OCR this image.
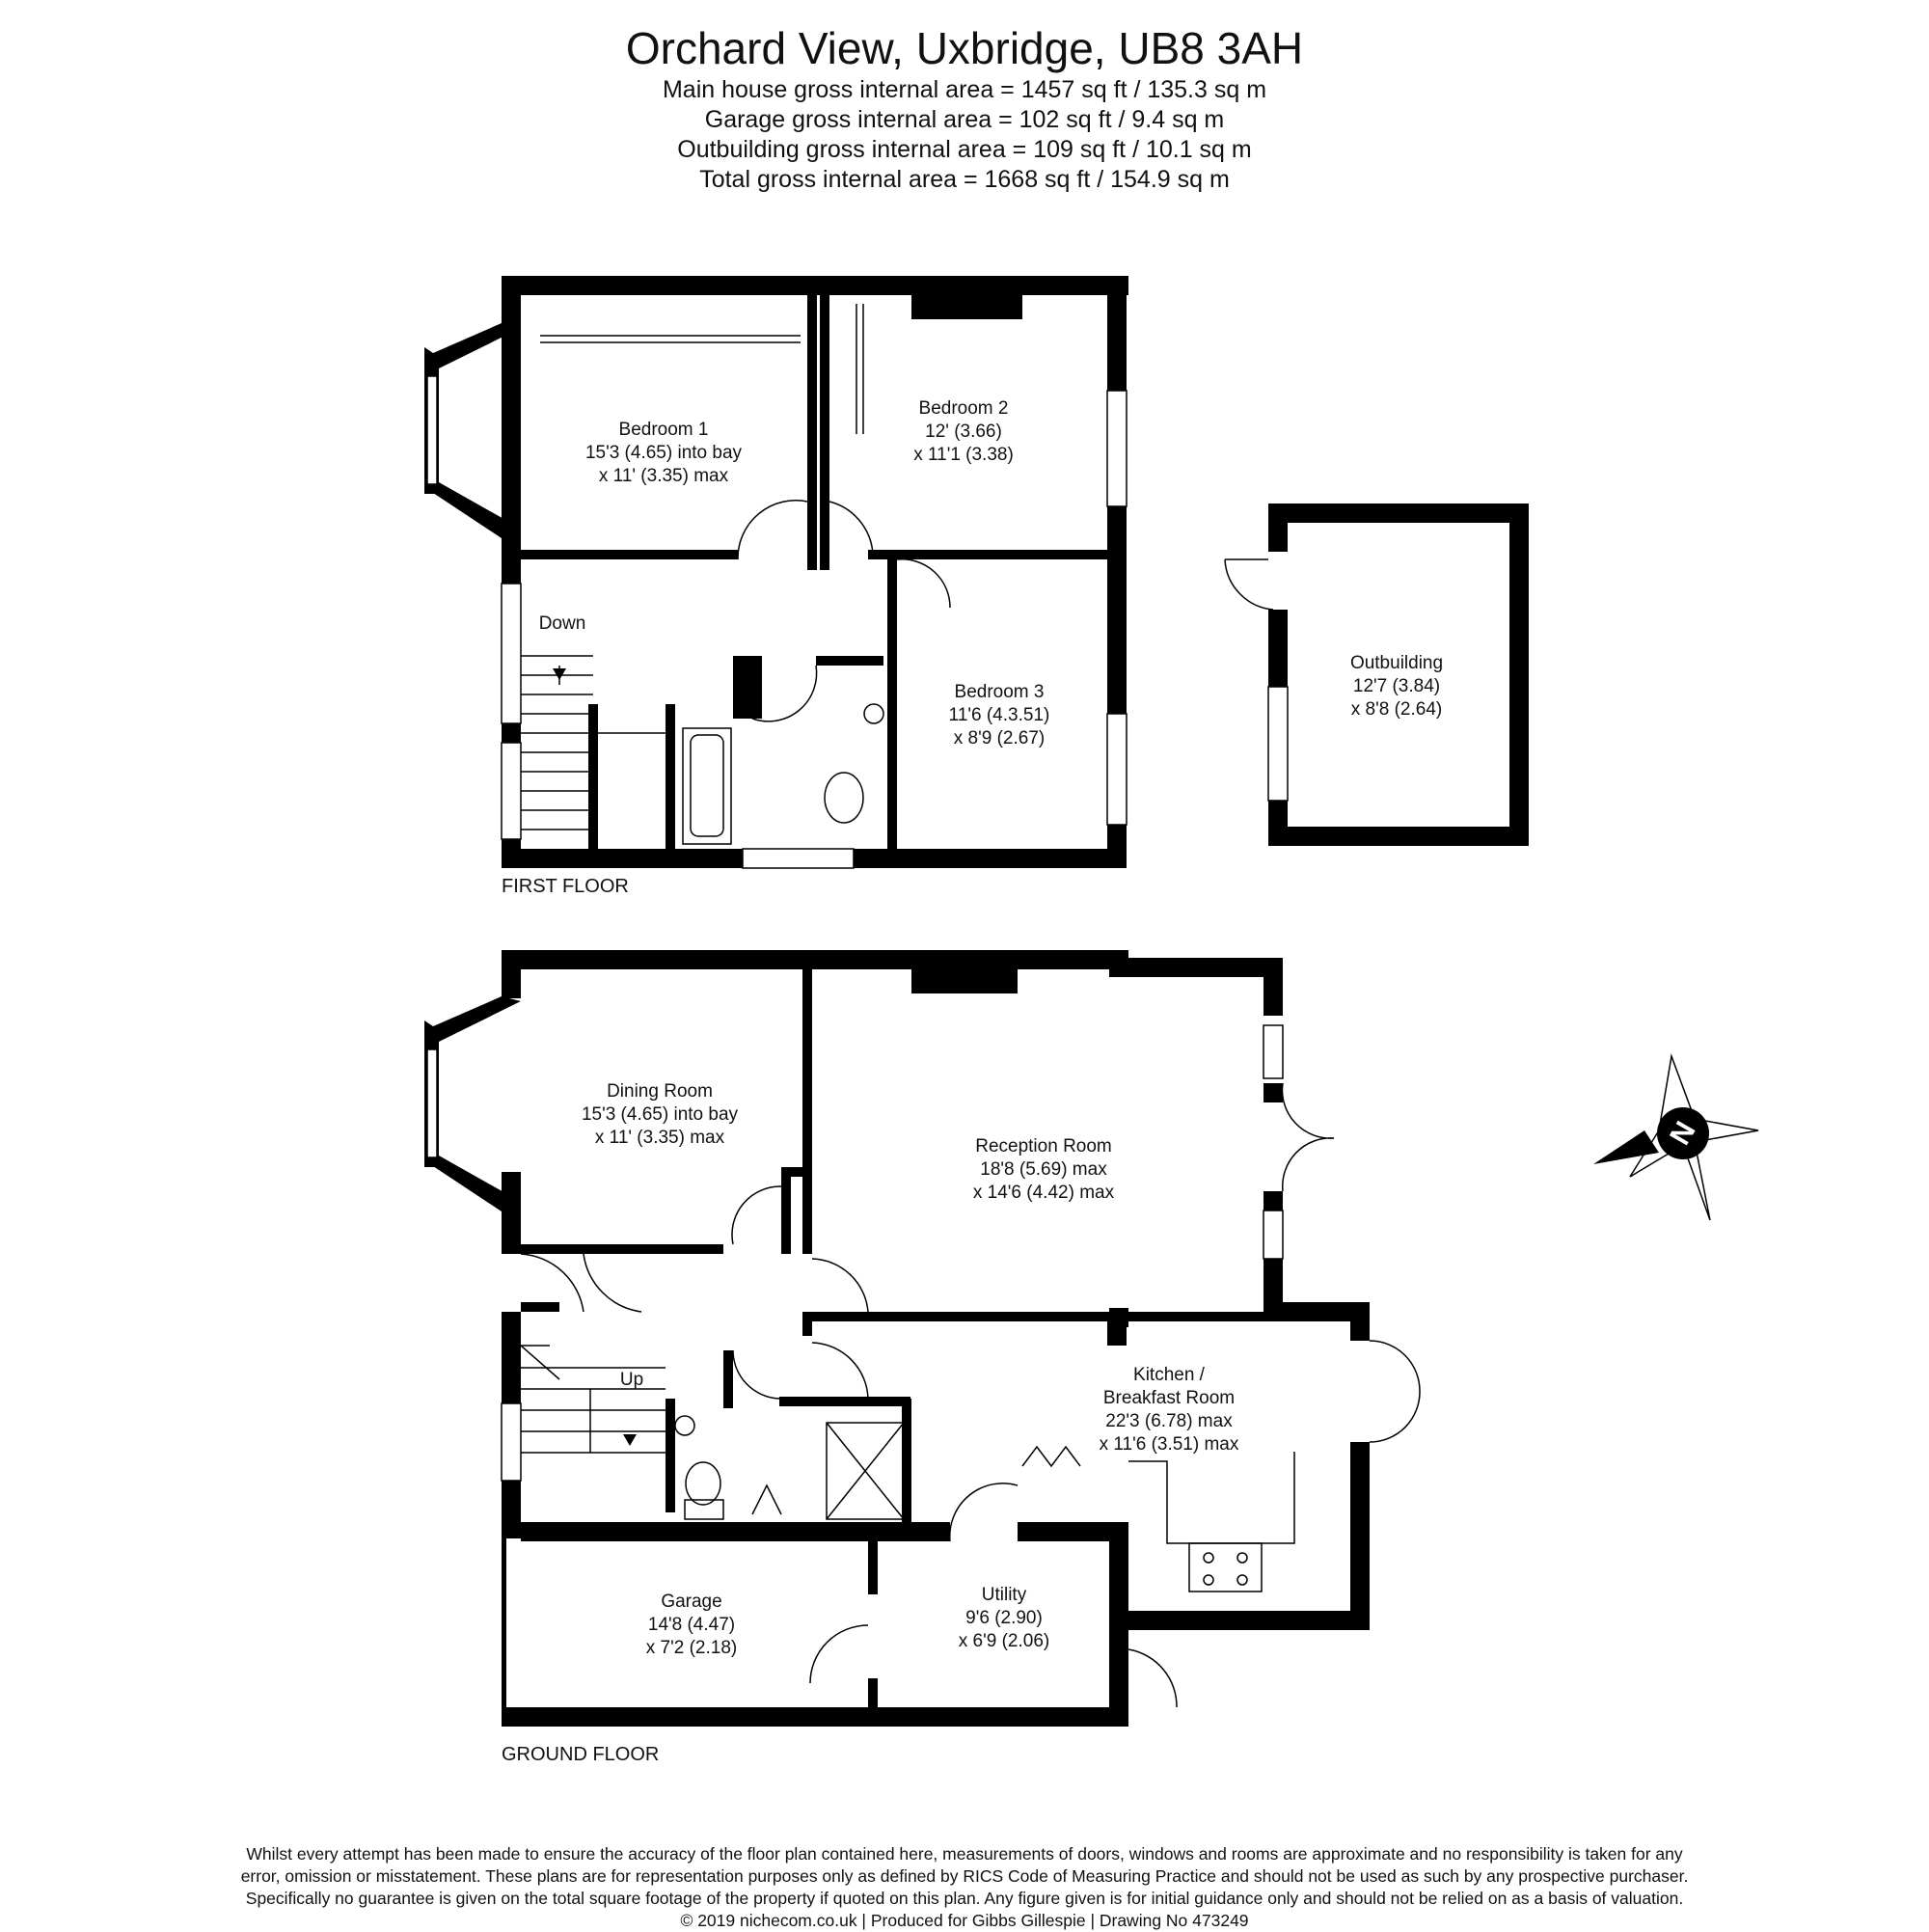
Orchard View, Uxbridge, UB8 3AH
Main house gross internal area = 1457 sq ft / 135.3 sq m
Garage gross internal area = 102 sq ft / 9.4 sq m
Outbuilding gross internal area = 109 sq ft / 10.1 sq m
Total gross internal area = 1668 sq ft / 154.9 sq m
N
Bedroom 1
15'3 (4.65) into bay
x 11' (3.35) max
Bedroom 2
12' (3.66)
x 11'1 (3.38)
Bedroom 3
11'6 (4.3.51)
x 8'9 (2.67)
Outbuilding
12'7 (3.84)
x 8'8 (2.64)
Dining Room
15'3 (4.65) into bay
x 11' (3.35) max	Reception Room
18'8 (5.69) max
x 14'6 (4.42) max
Kitchen /
Breakfast Room
22'3 (6.78) max
x 11'6 (3.51) max
Garage
14'8 (4.47)
x 7'2 (2.18)
Utility
9'6 (2.90)
x 6'9 (2.06)
Down
Up
FIRST FLOOR
GROUND FLOOR
Whilst every attempt has been made to ensure the accuracy of the floor plan contained here, measurements of doors, windows and rooms are approximate and no responsibility is taken for any
error, omission or misstatement. These plans are for representation purposes only as defined by RICS Code of Measuring Practice and should not be used as such by any prospective purchaser.
Specifically no guarantee is given on the total square footage of the property if quoted on this plan. Any figure given is for initial guidance only and should not be relied on as a basis of valuation.
© 2019 nichecom.co.uk | Produced for Gibbs Gillespie | Drawing No 473249
